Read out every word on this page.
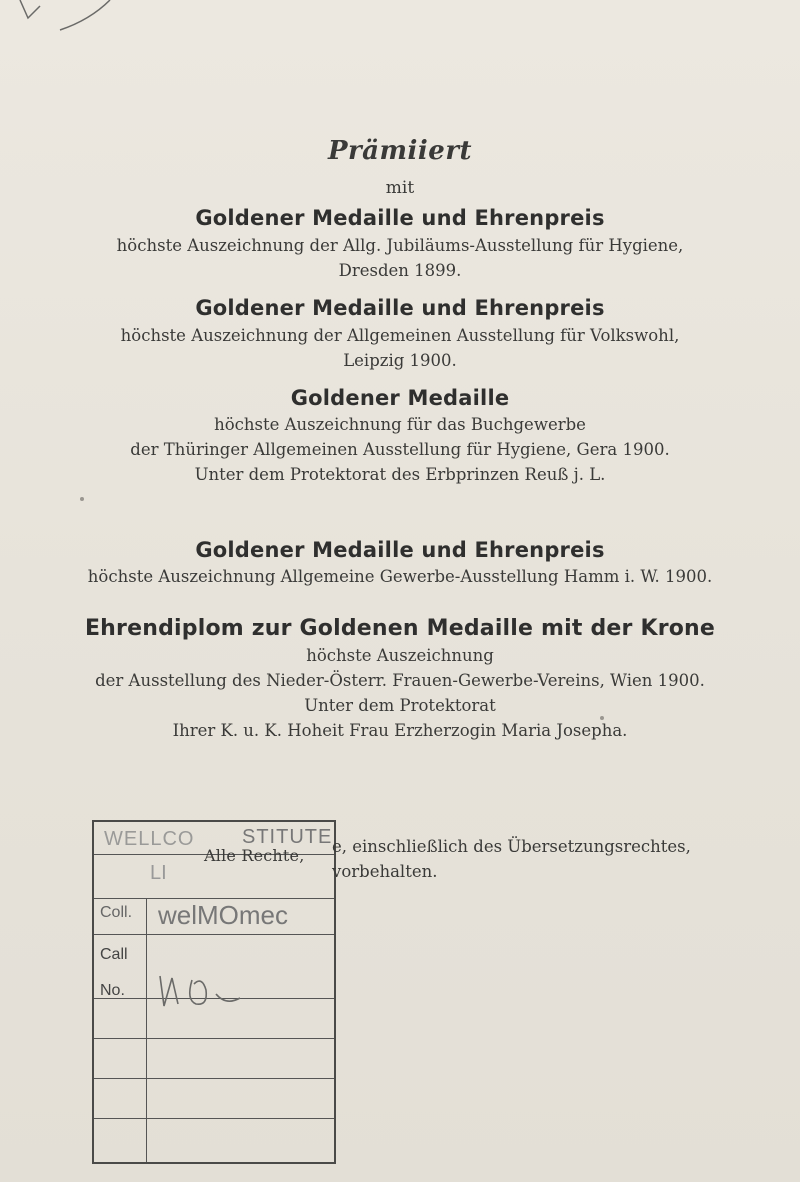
Prämiiert
mit
Goldener Medaille und Ehrenpreis
höchste Auszeichnung der Allg. Jubiläums-Ausstellung für Hygiene,
Dresden 1899.
Goldener Medaille und Ehrenpreis
höchste Auszeichnung der Allgemeinen Ausstellung für Volkswohl,
Leipzig 1900.
Goldener Medaille
höchste Auszeichnung für das Buchgewerbe
der Thüringer Allgemeinen Ausstellung für Hygiene, Gera 1900.
Unter dem Protektorat des Erbprinzen Reuß j. L.
Goldener Medaille und Ehrenpreis
höchste Auszeichnung Allgemeine Gewerbe-Ausstellung Hamm i. W. 1900.
Ehrendiplom zur Goldenen Medaille mit der Krone
höchste Auszeichnung
der Ausstellung des Nieder-Österr. Frauen-Gewerbe-Vereins, Wien 1900.
Unter dem Protektorat
Ihrer K. u. K. Hoheit Frau Erzherzogin Maria Josepha.
WELLCO STITUTE
LI
Alle Rechte,
Coll. welMOmec
Call
No.
e, einschließlich des Übersetzungsrechtes,
vorbehalten.
